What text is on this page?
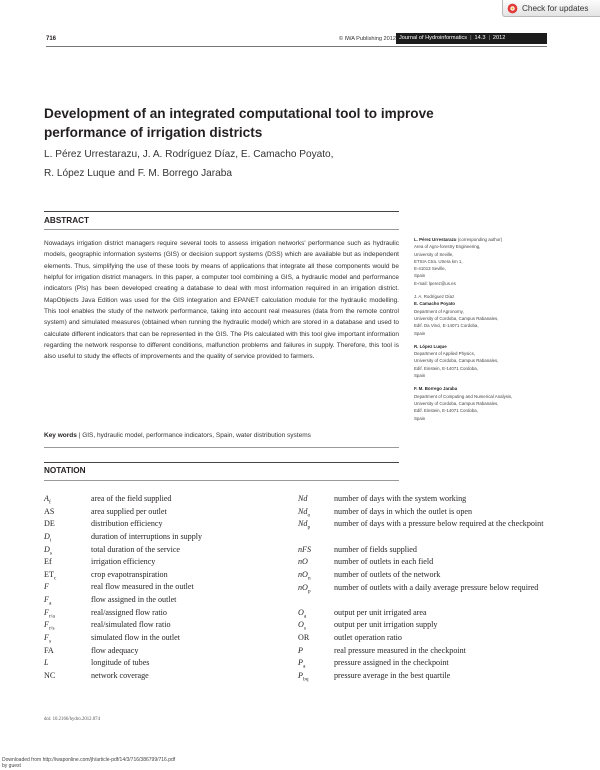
Check for updates
716	© IWA Publishing 2012 Journal of Hydroinformatics | 14.3 | 2012
Development of an integrated computational tool to improve performance of irrigation districts
L. Pérez Urrestarazu, J. A. Rodríguez Díaz, E. Camacho Poyato,
R. López Luque and F. M. Borrego Jaraba
ABSTRACT

Nowadays irrigation district managers require several tools to assess irrigation networks' performance such as hydraulic models, geographic information systems (GIS) or decision support systems (DSS) which are available but as independent elements. Thus, simplifying the use of these tools by means of applications that integrate all these components would be helpful for irrigation district managers. In this paper, a computer tool combining a GIS, a hydraulic model and performance indicators (PIs) has been developed creating a database to deal with most information required in an irrigation district. MapObjects Java Edition was used for the GIS integration and EPANET calculation module for the hydraulic modelling. This tool enables the study of the network performance, taking into account real measures (data from the remote control system) and simulated measures (obtained when running the hydraulic model) which are stored in a database and used to calculate different indicators that can be represented in the GIS. The PIs calculated with this tool give important information regarding the network response to different conditions, malfunction problems and failures in supply. Therefore, this tool is also useful to study the effects of improvements and the quality of service provided to farmers.

Key words | GIS, hydraulic model, performance indicators, Spain, water distribution systems
L. Pérez Urrestarazu (corresponding author)
Area of Agro-forestry Engineering,
University of Seville,
ETSIA Ctra. Utrera km 1,
E-41013 Seville,
Spain
E-mail: lperez@us.es
J. A. Rodríguez Díaz
E. Camacho Poyato
Department of Agronomy,
University of Cordoba, Campus Rabanales,
Edif. Da Vinci, E-14071 Cordoba,
Spain
R. López Luque
Department of Applied Physics,
University of Cordoba, Campus Rabanales,
Edif. Einstein, E-14071 Cordoba,
Spain
F. M. Borrego Jaraba
Department of Computing and Numerical Analysis,
University of Cordoba, Campus Rabanales,
Edif. Einstein, E-14071 Cordoba,
Spain
NOTATION
$A_f$	area of the field supplied
AS	area supplied per outlet
DE	distribution efficiency
$D_i$	duration of interruptions in supply
$D_s$	total duration of the service
Ef	irrigation efficiency
$ET_c$	crop evapotranspiration
F	real flow measured in the outlet
$F_a$	flow assigned in the outlet
$F_{r/a}$	real/assigned flow ratio
$F_{r/s}$	real/simulated flow ratio
$F_s$	simulated flow in the outlet
FA	flow adequacy
L	longitude of tubes
NC	network coverage
Nd	number of days with the system working
$Nd_o$	number of days in which the outlet is open
$Nd_p$	number of days with a pressure below required at the checkpoint
nFS	number of fields supplied
nO	number of outlets in each field
$nO_n$	number of outlets of the network
$nO_p$	number of outlets with a daily average pressure below required
$O_a$	output per unit irrigated area
$O_s$	output per unit irrigation supply
OR	outlet operation ratio
P	real pressure measured in the checkpoint
$P_a$	pressure assigned in the checkpoint
$P_{bq}$	pressure average in the best quartile
doi: 10.2166/hydro.2012.074
Downloaded from http://iwaponline.com/jh/article-pdf/14/3/716/386799/716.pdf
by guest
